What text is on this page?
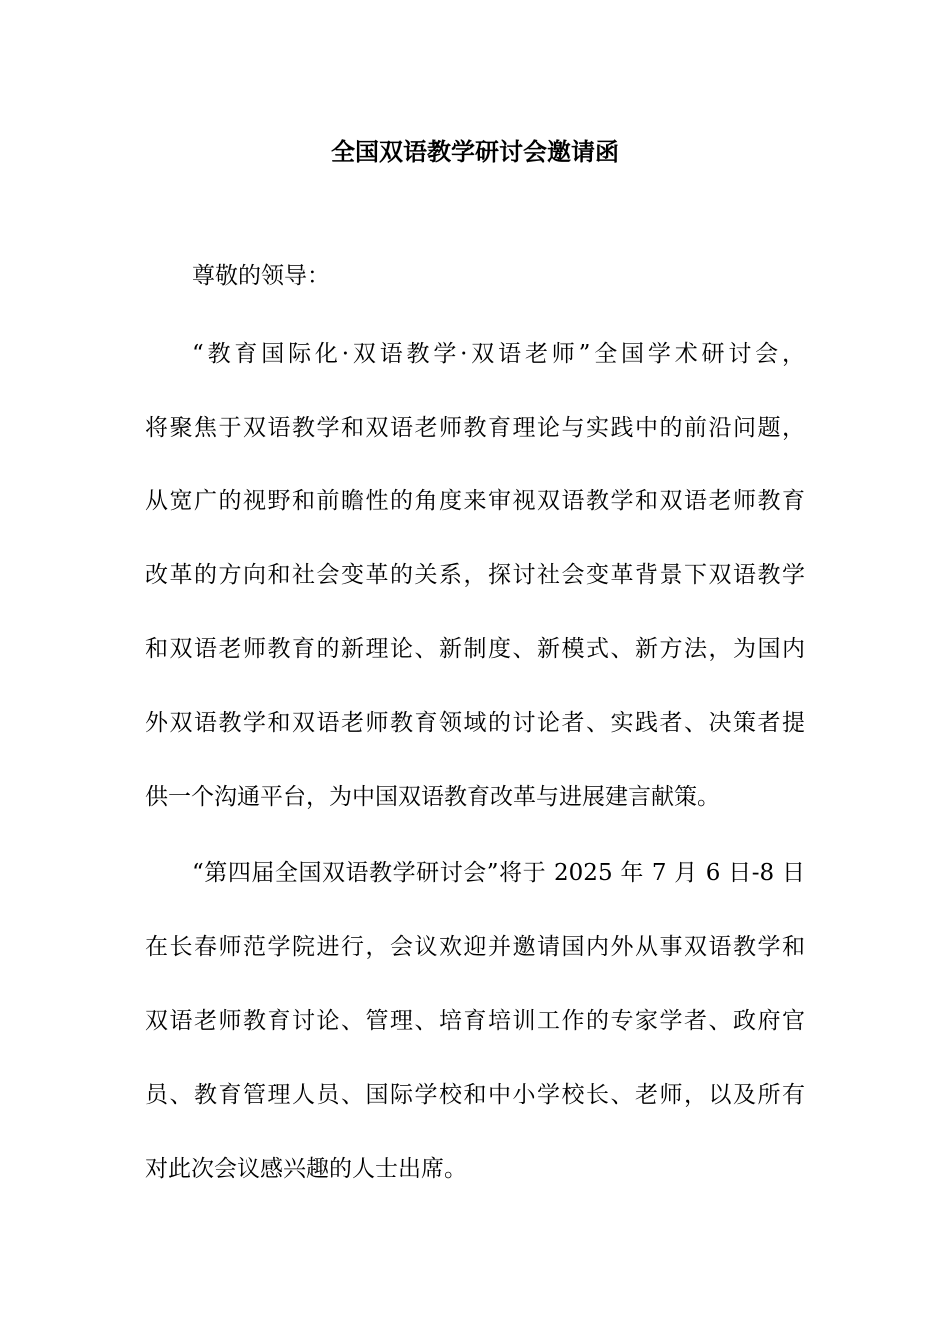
全国双语教学研讨会邀请函
尊敬的领导：
“教育国际化·双语教学·双语老师”全国学术研讨会，
将聚焦于双语教学和双语老师教育理论与实践中的前沿问题，
从宽广的视野和前瞻性的角度来审视双语教学和双语老师教育
改革的方向和社会变革的关系，探讨社会变革背景下双语教学
和双语老师教育的新理论、新制度、新模式、新方法，为国内
外双语教学和双语老师教育领域的讨论者、实践者、决策者提
供一个沟通平台，为中国双语教育改革与进展建言献策。
“第四届全国双语教学研讨会”将于 2025 年 7 月 6 日-8 日
在长春师范学院进行，会议欢迎并邀请国内外从事双语教学和
双语老师教育讨论、管理、培育培训工作的专家学者、政府官
员、教育管理人员、国际学校和中小学校长、老师，以及所有
对此次会议感兴趣的人士出席。
